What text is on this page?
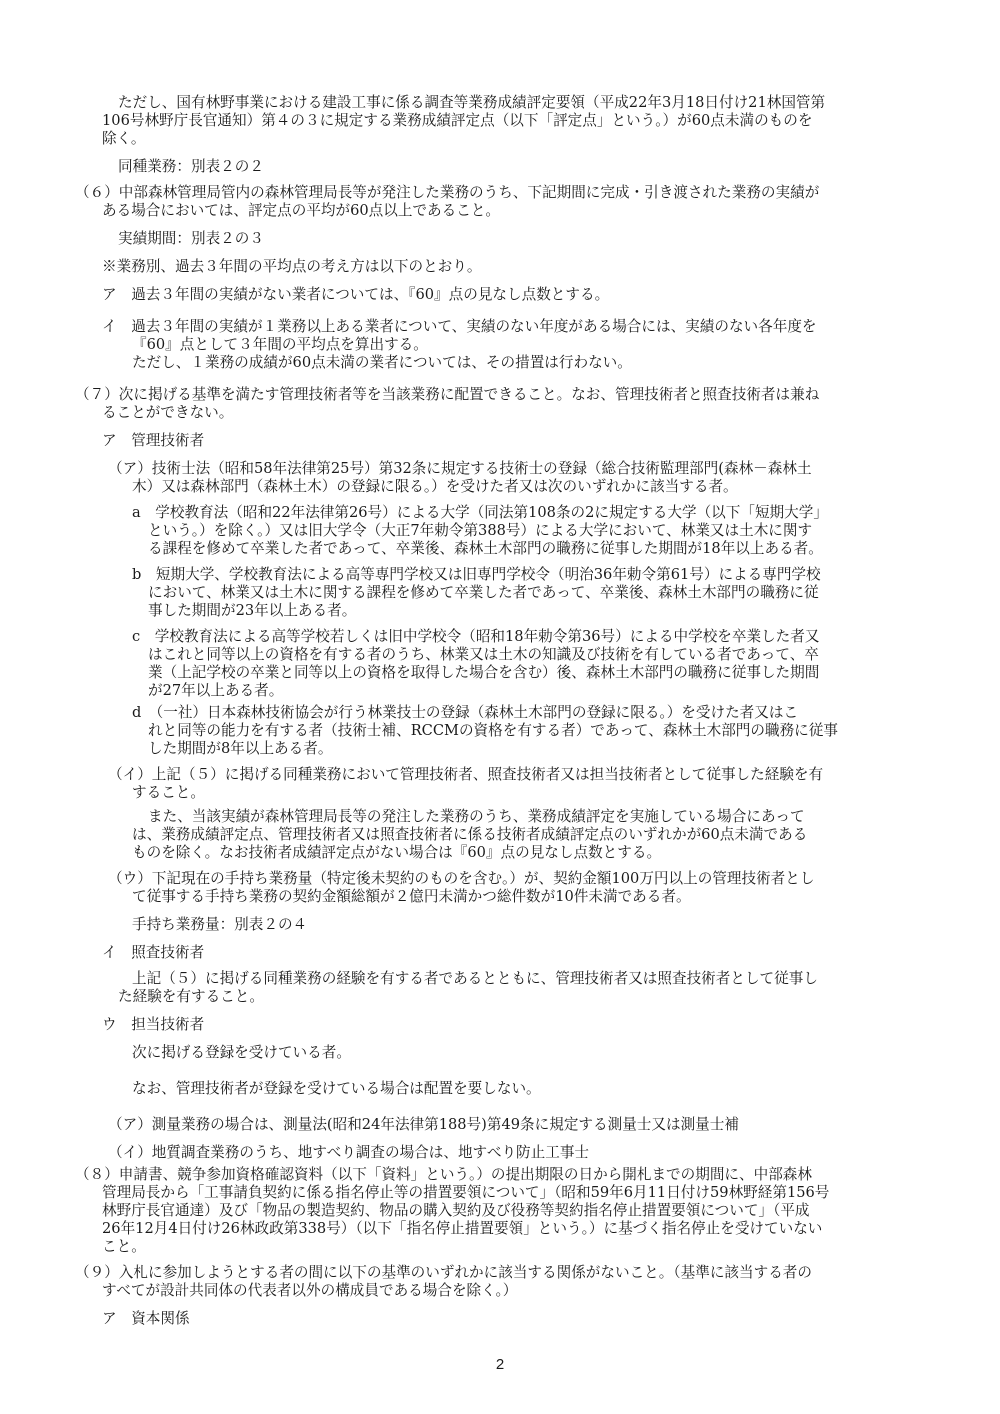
ただし、国有林野事業における建設工事に係る調査等業務成績評定要領（平成22年3月18日付け21林国管第
106号林野庁長官通知）第４の３に規定する業務成績評定点（以下「評定点」という。）が60点未満のものを
除く。
同種業務：別表２の２
（６）中部森林管理局管内の森林管理局長等が発注した業務のうち、下記期間に完成・引き渡された業務の実績が
ある場合においては、評定点の平均が60点以上であること。
実績期間：別表２の３
※業務別、過去３年間の平均点の考え方は以下のとおり。
ア　過去３年間の実績がない業者については、『60』点の見なし点数とする。
イ　過去３年間の実績が１業務以上ある業者について、実績のない年度がある場合には、実績のない各年度を
『60』点として３年間の平均点を算出する。
ただし、１業務の成績が60点未満の業者については、その措置は行わない。
（７）次に掲げる基準を満たす管理技術者等を当該業務に配置できること。なお、管理技術者と照査技術者は兼ね
ることができない。
ア　管理技術者
（ア）技術士法（昭和58年法律第25号）第32条に規定する技術士の登録（総合技術監理部門(森林－森林土
木）又は森林部門（森林土木）の登録に限る。）を受けた者又は次のいずれかに該当する者。
a　学校教育法（昭和22年法律第26号）による大学（同法第108条の2に規定する大学（以下「短期大学」
という。）を除く。）又は旧大学令（大正7年勅令第388号）による大学において、林業又は土木に関す
る課程を修めて卒業した者であって、卒業後、森林土木部門の職務に従事した期間が18年以上ある者。
b　短期大学、学校教育法による高等専門学校又は旧専門学校令（明治36年勅令第61号）による専門学校
において、林業又は土木に関する課程を修めて卒業した者であって、卒業後、森林土木部門の職務に従
事した期間が23年以上ある者。
c　学校教育法による高等学校若しくは旧中学校令（昭和18年勅令第36号）による中学校を卒業した者又
はこれと同等以上の資格を有する者のうち、林業又は土木の知識及び技術を有している者であって、卒
業（上記学校の卒業と同等以上の資格を取得した場合を含む）後、森林土木部門の職務に従事した期間
が27年以上ある者。
d　（一社）日本森林技術協会が行う林業技士の登録（森林土木部門の登録に限る。）を受けた者又はこ
れと同等の能力を有する者（技術士補、RCCMの資格を有する者）であって、森林土木部門の職務に従事
した期間が8年以上ある者。
（イ）上記（５）に掲げる同種業務において管理技術者、照査技術者又は担当技術者として従事した経験を有
すること。
また、当該実績が森林管理局長等の発注した業務のうち、業務成績評定を実施している場合にあって
は、業務成績評定点、管理技術者又は照査技術者に係る技術者成績評定点のいずれかが60点未満である
ものを除く。なお技術者成績評定点がない場合は『60』点の見なし点数とする。
（ウ）下記現在の手持ち業務量（特定後未契約のものを含む。）が、契約金額100万円以上の管理技術者とし
て従事する手持ち業務の契約金額総額が２億円未満かつ総件数が10件未満である者。
手持ち業務量：別表２の４
イ　照査技術者
上記（５）に掲げる同種業務の経験を有する者であるとともに、管理技術者又は照査技術者として従事し
た経験を有すること。
ウ　担当技術者
次に掲げる登録を受けている者。
なお、管理技術者が登録を受けている場合は配置を要しない。
（ア）測量業務の場合は、測量法(昭和24年法律第188号)第49条に規定する測量士又は測量士補
（イ）地質調査業務のうち、地すべり調査の場合は、地すべり防止工事士
（８）申請書、競争参加資格確認資料（以下「資料」という。）の提出期限の日から開札までの期間に、中部森林
管理局長から「工事請負契約に係る指名停止等の措置要領について」（昭和59年6月11日付け59林野経第156号
林野庁長官通達）及び「物品の製造契約、物品の購入契約及び役務等契約指名停止措置要領について」（平成
26年12月4日付け26林政政第338号）（以下「指名停止措置要領」という。）に基づく指名停止を受けていない
こと。
（９）入札に参加しようとする者の間に以下の基準のいずれかに該当する関係がないこと。（基準に該当する者の
すべてが設計共同体の代表者以外の構成員である場合を除く。）
ア　資本関係
2
